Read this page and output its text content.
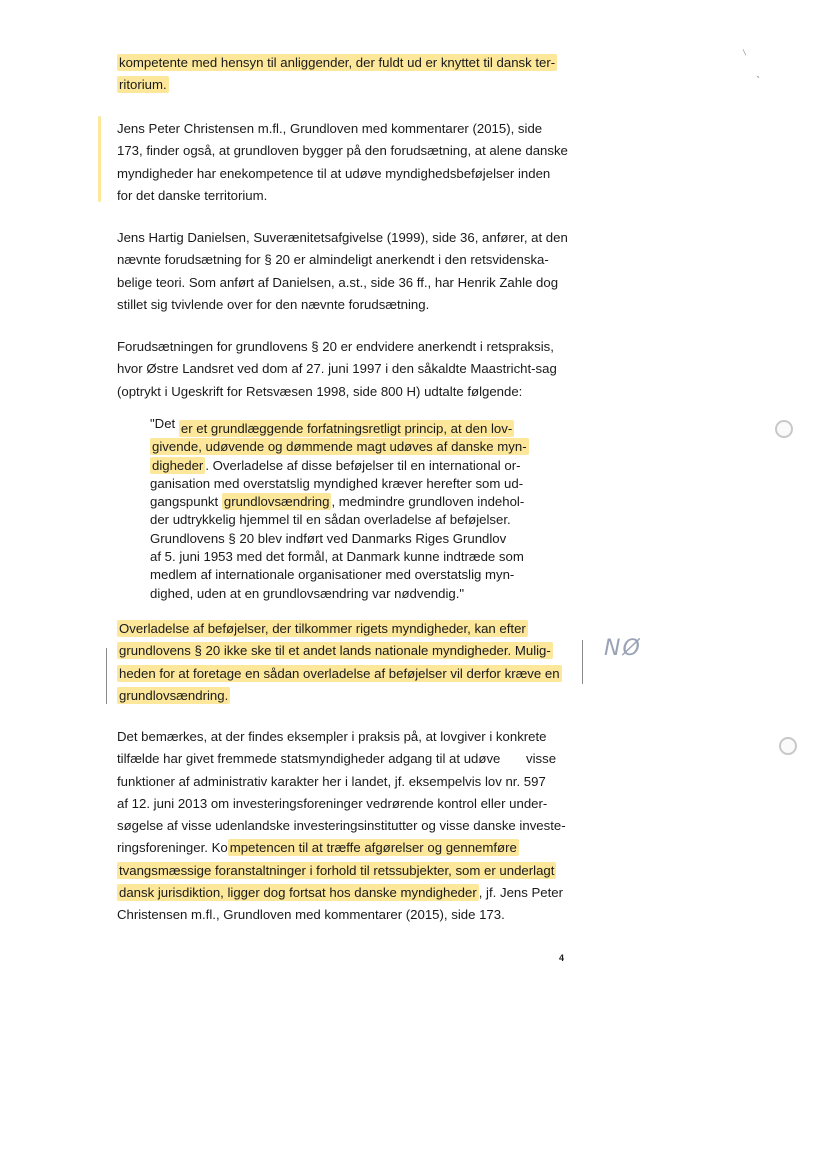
⸜
ˎ
kompetente med hensyn til anliggender, der fuldt ud er knyttet til dansk ter-
ritorium.
Jens Peter Christensen m.fl., Grundloven med kommentarer (2015), side
173, finder også, at grundloven bygger på den forudsætning, at alene danske
myndigheder har enekompetence til at udøve myndighedsbeføjelser inden
for det danske territorium.
Jens Hartig Danielsen, Suverænitetsafgivelse (1999), side 36, anfører, at den
nævnte forudsætning for § 20 er almindeligt anerkendt i den retsvidenska-
belige teori. Som anført af Danielsen, a.st., side 36 ff., har Henrik Zahle dog
stillet sig tvivlende over for den nævnte forudsætning.
Forudsætningen for grundlovens § 20 er endvidere anerkendt i retspraksis,
hvor Østre Landsret ved dom af 27. juni 1997 i den såkaldte Maastricht-sag
(optrykt i Ugeskrift for Retsvæsen 1998, side 800 H) udtalte følgende:
"Det er et grundlæggende forfatningsretligt princip, at den lov-
givende, udøvende og dømmende magt udøves af danske myn-
digheder . Overladelse af disse beføjelser til en international or-
ganisation med overstatslig myndighed kræver herefter som ud-
gangspunkt grundlovsændring , medmindre grundloven indehol-
der udtrykkelig hjemmel til en sådan overladelse af beføjelser.
Grundlovens § 20 blev indført ved Danmarks Riges Grundlov
af 5. juni 1953 med det formål, at Danmark kunne indtræde som
medlem af internationale organisationer med overstatslig myn-
dighed, uden at en grundlovsændring var nødvendig."
Overladelse af beføjelser, der tilkommer rigets myndigheder, kan efter
grundlovens § 20 ikke ske til et andet lands nationale myndigheder. Mulig-
heden for at foretage en sådan overladelse af beføjelser vil derfor kræve en
grundlovsændring.
NØ
Det bemærkes, at der findes eksempler i praksis på, at lovgiver i konkrete
tilfælde har givet fremmede statsmyndigheder adgang til at udøve       visse
funktioner af administrativ karakter her i landet, jf. eksempelvis lov nr. 597
af 12. juni 2013 om investeringsforeninger vedrørende kontrol eller under-
søgelse af visse udenlandske investeringsinstitutter og visse danske investe-
ringsforeninger. Ko mpetencen til at træffe afgørelser og gennemføre
tvangsmæssige foranstaltninger i forhold til retssubjekter, som er underlagt
dansk jurisdiktion, ligger dog fortsat hos danske myndigheder , jf. Jens Peter
Christensen m.fl., Grundloven med kommentarer (2015), side 173.
4
